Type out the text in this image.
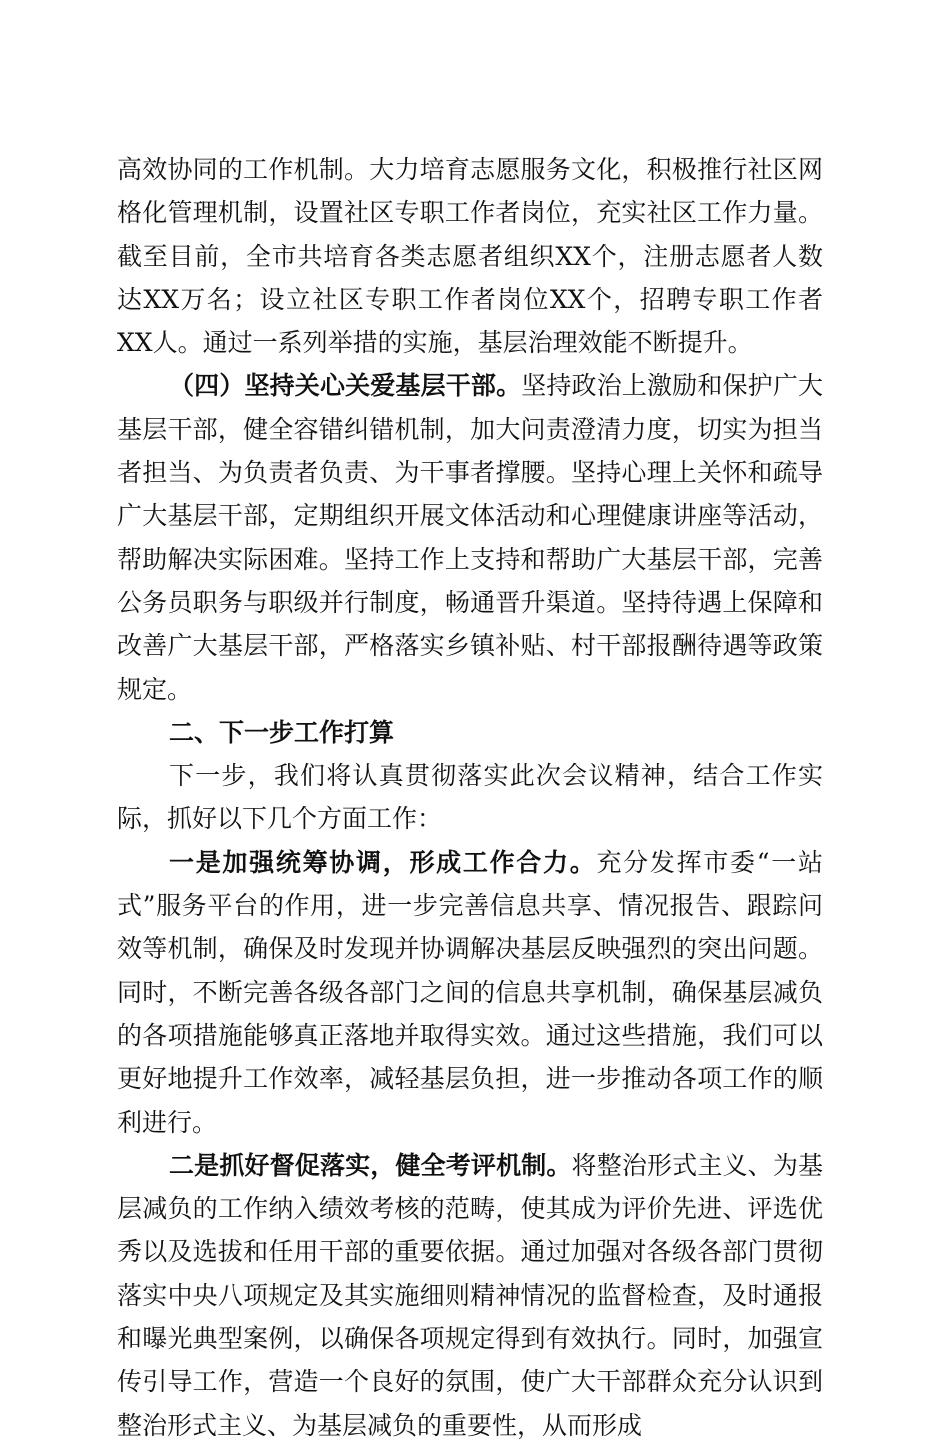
高效协同的工作机制。大力培育志愿服务文化，积极推行社区网格化管理机制，设置社区专职工作者岗位，充实社区工作力量。截至目前，全市共培育各类志愿者组织XX个，注册志愿者人数达XX万名；设立社区专职工作者岗位XX个，招聘专职工作者XX人。通过一系列举措的实施，基层治理效能不断提升。

（四）坚持关心关爱基层干部。坚持政治上激励和保护广大基层干部，健全容错纠错机制，加大问责澄清力度，切实为担当者担当、为负责者负责、为干事者撑腰。坚持心理上关怀和疏导广大基层干部，定期组织开展文体活动和心理健康讲座等活动，帮助解决实际困难。坚持工作上支持和帮助广大基层干部，完善公务员职务与职级并行制度，畅通晋升渠道。坚持待遇上保障和改善广大基层干部，严格落实乡镇补贴、村干部报酬待遇等政策规定。

二、下一步工作打算

下一步，我们将认真贯彻落实此次会议精神，结合工作实际，抓好以下几个方面工作：

一是加强统筹协调，形成工作合力。充分发挥市委“一站式”服务平台的作用，进一步完善信息共享、情况报告、跟踪问效等机制，确保及时发现并协调解决基层反映强烈的突出问题。同时，不断完善各级各部门之间的信息共享机制，确保基层减负的各项措施能够真正落地并取得实效。通过这些措施，我们可以更好地提升工作效率，减轻基层负担，进一步推动各项工作的顺利进行。

二是抓好督促落实，健全考评机制。将整治形式主义、为基层减负的工作纳入绩效考核的范畴，使其成为评价先进、评选优秀以及选拔和任用干部的重要依据。通过加强对各级各部门贯彻落实中央八项规定及其实施细则精神情况的监督检查，及时通报和曝光典型案例，以确保各项规定得到有效执行。同时，加强宣传引导工作，营造一个良好的氛围，使广大干部群众充分认识到整治形式主义、为基层减负的重要性，从而形成
